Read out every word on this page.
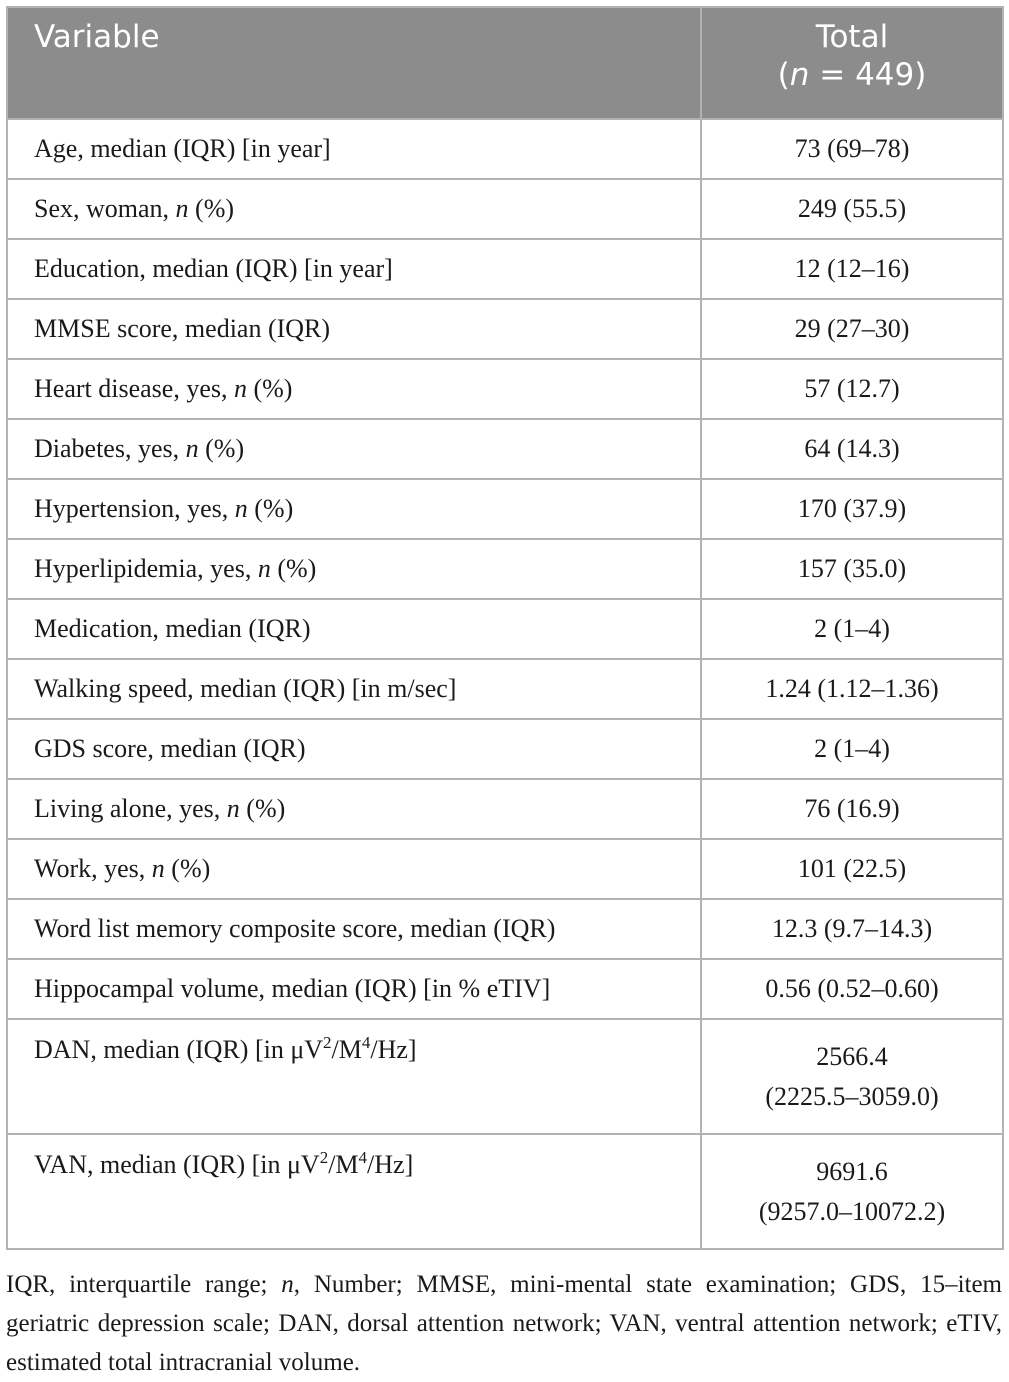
Variable	Total
(n = 449)

Age, median (IQR) [in year]	73 (69–78)
Sex, woman, n (%)	249 (55.5)
Education, median (IQR) [in year]	12 (12–16)
MMSE score, median (IQR)	29 (27–30)
Heart disease, yes, n (%)	57 (12.7)
Diabetes, yes, n (%)	64 (14.3)
Hypertension, yes, n (%)	170 (37.9)
Hyperlipidemia, yes, n (%)	157 (35.0)
Medication, median (IQR)	2 (1–4)
Walking speed, median (IQR) [in m/sec]	1.24 (1.12–1.36)
GDS score, median (IQR)	2 (1–4)
Living alone, yes, n (%)	76 (16.9)
Work, yes, n (%)	101 (22.5)
Word list memory composite score, median (IQR)	12.3 (9.7–14.3)
Hippocampal volume, median (IQR) [in % eTIV]	0.56 (0.52–0.60)
DAN, median (IQR) [in $\mu V^2/M^4/Hz$]	2566.4
(2225.5–3059.0)

VAN, median (IQR) [in $\mu V^2/M^4/Hz$]	9691.6
(9257.0–10072.2)
IQR, interquartile range; n, Number; MMSE, mini-mental state examination; GDS, 15–item geriatric depression scale; DAN, dorsal attention network; VAN, ventral attention network; eTIV, estimated total intracranial volume.
